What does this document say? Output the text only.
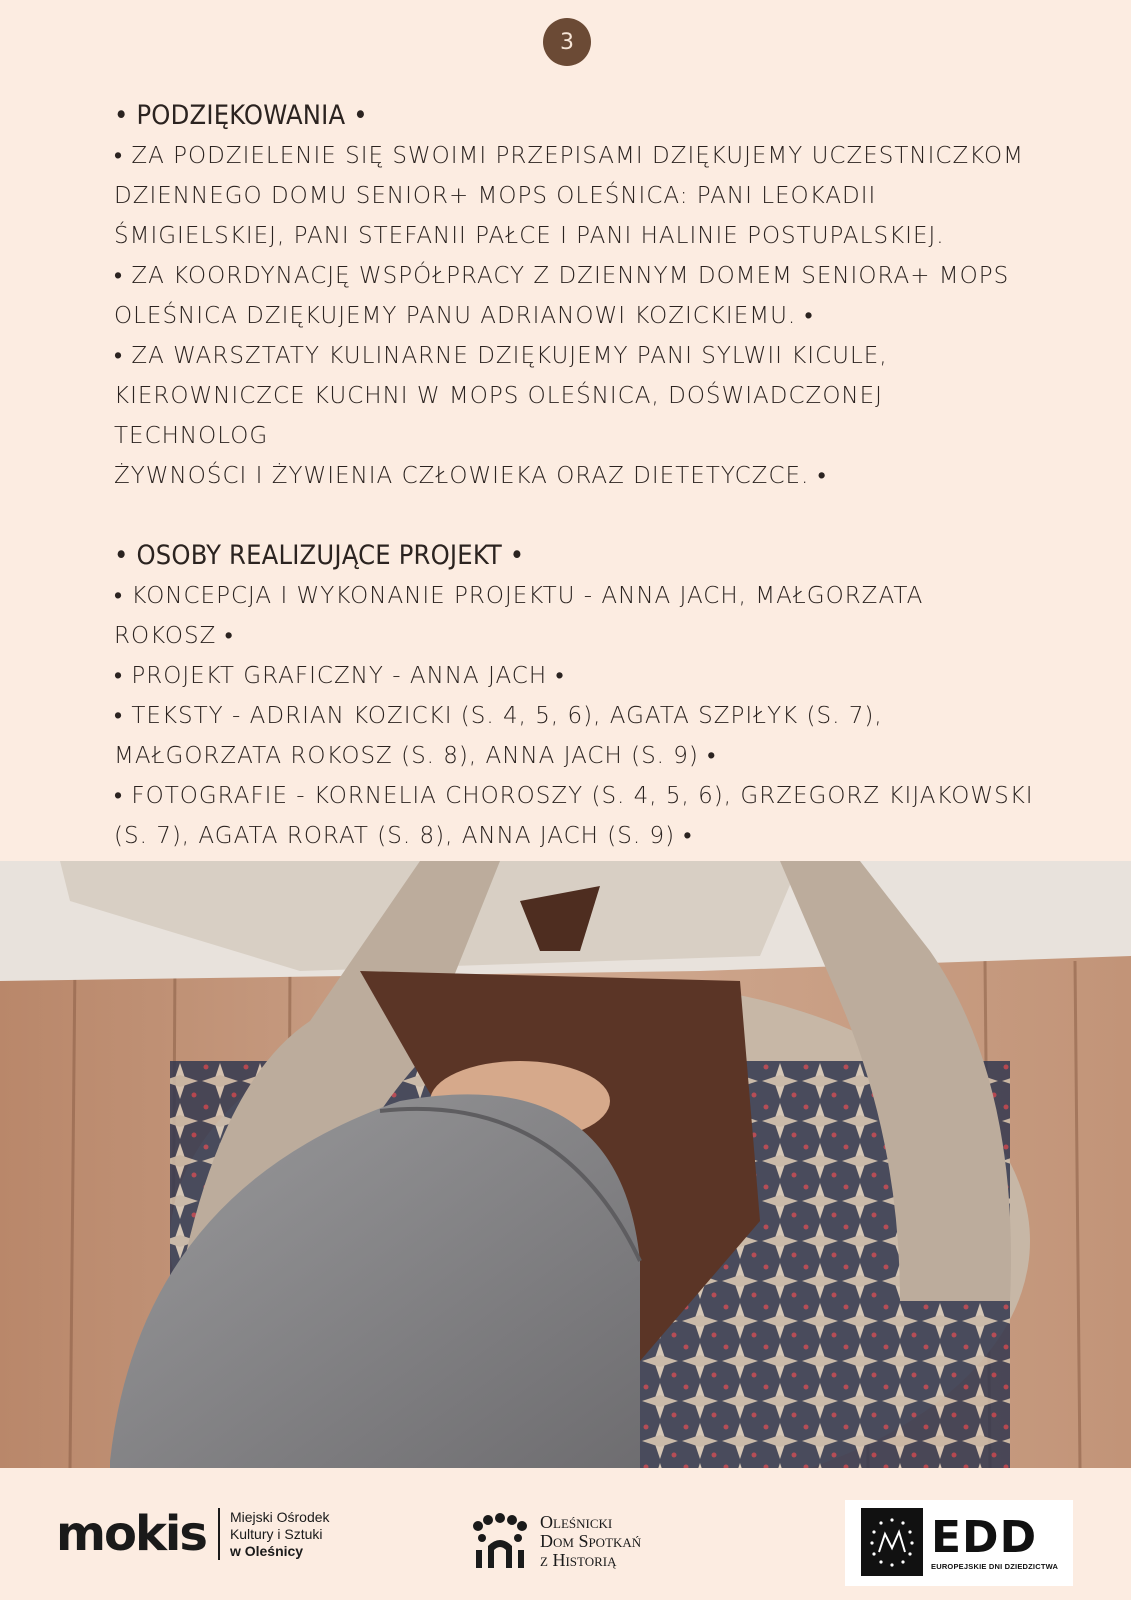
3

• PODZIĘKOWANIA •

• ZA PODZIELENIE SIĘ SWOIMI PRZEPISAMI DZIĘKUJEMY UCZESTNICZKOM

DZIENNEGO DOMU SENIOR+ MOPS OLEŚNICA: PANI LEOKADII

ŚMIGIELSKIEJ, PANI STEFANII PAŁCE I PANI HALINIE POSTUPALSKIEJ.

• ZA KOORDYNACJĘ WSPÓŁPRACY Z DZIENNYM DOMEM SENIORA+ MOPS

OLEŚNICA DZIĘKUJEMY PANU ADRIANOWI KOZICKIEMU. •

• ZA WARSZTATY KULINARNE DZIĘKUJEMY PANI SYLWII KICULE,

KIEROWNICZCE KUCHNI W MOPS OLEŚNICA, DOŚWIADCZONEJ TECHNOLOG

ŻYWNOŚCI I ŻYWIENIA CZŁOWIEKA ORAZ DIETETYCZCE. •

• OSOBY REALIZUJĄCE PROJEKT •

• KONCEPCJA I WYKONANIE PROJEKTU - ANNA JACH, MAŁGORZATA

ROKOSZ •

• PROJEKT GRAFICZNY - ANNA JACH •

• TEKSTY - ADRIAN KOZICKI (S. 4, 5, 6), AGATA SZPIŁYK (S. 7),

MAŁGORZATA ROKOSZ (S. 8), ANNA JACH (S. 9) •

• FOTOGRAFIE - KORNELIA CHOROSZY (S. 4, 5, 6), GRZEGORZ KIJAKOWSKI

(S. 7), AGATA RORAT (S. 8), ANNA JACH (S. 9) •

mokis Miejski Ośrodek
Kultury i Sztuki
w Oleśnicy
Oleśnicki
Dom Spotkań
z Historią	EDD
EUROPEJSKIE DNI DZIEDZICTWA
